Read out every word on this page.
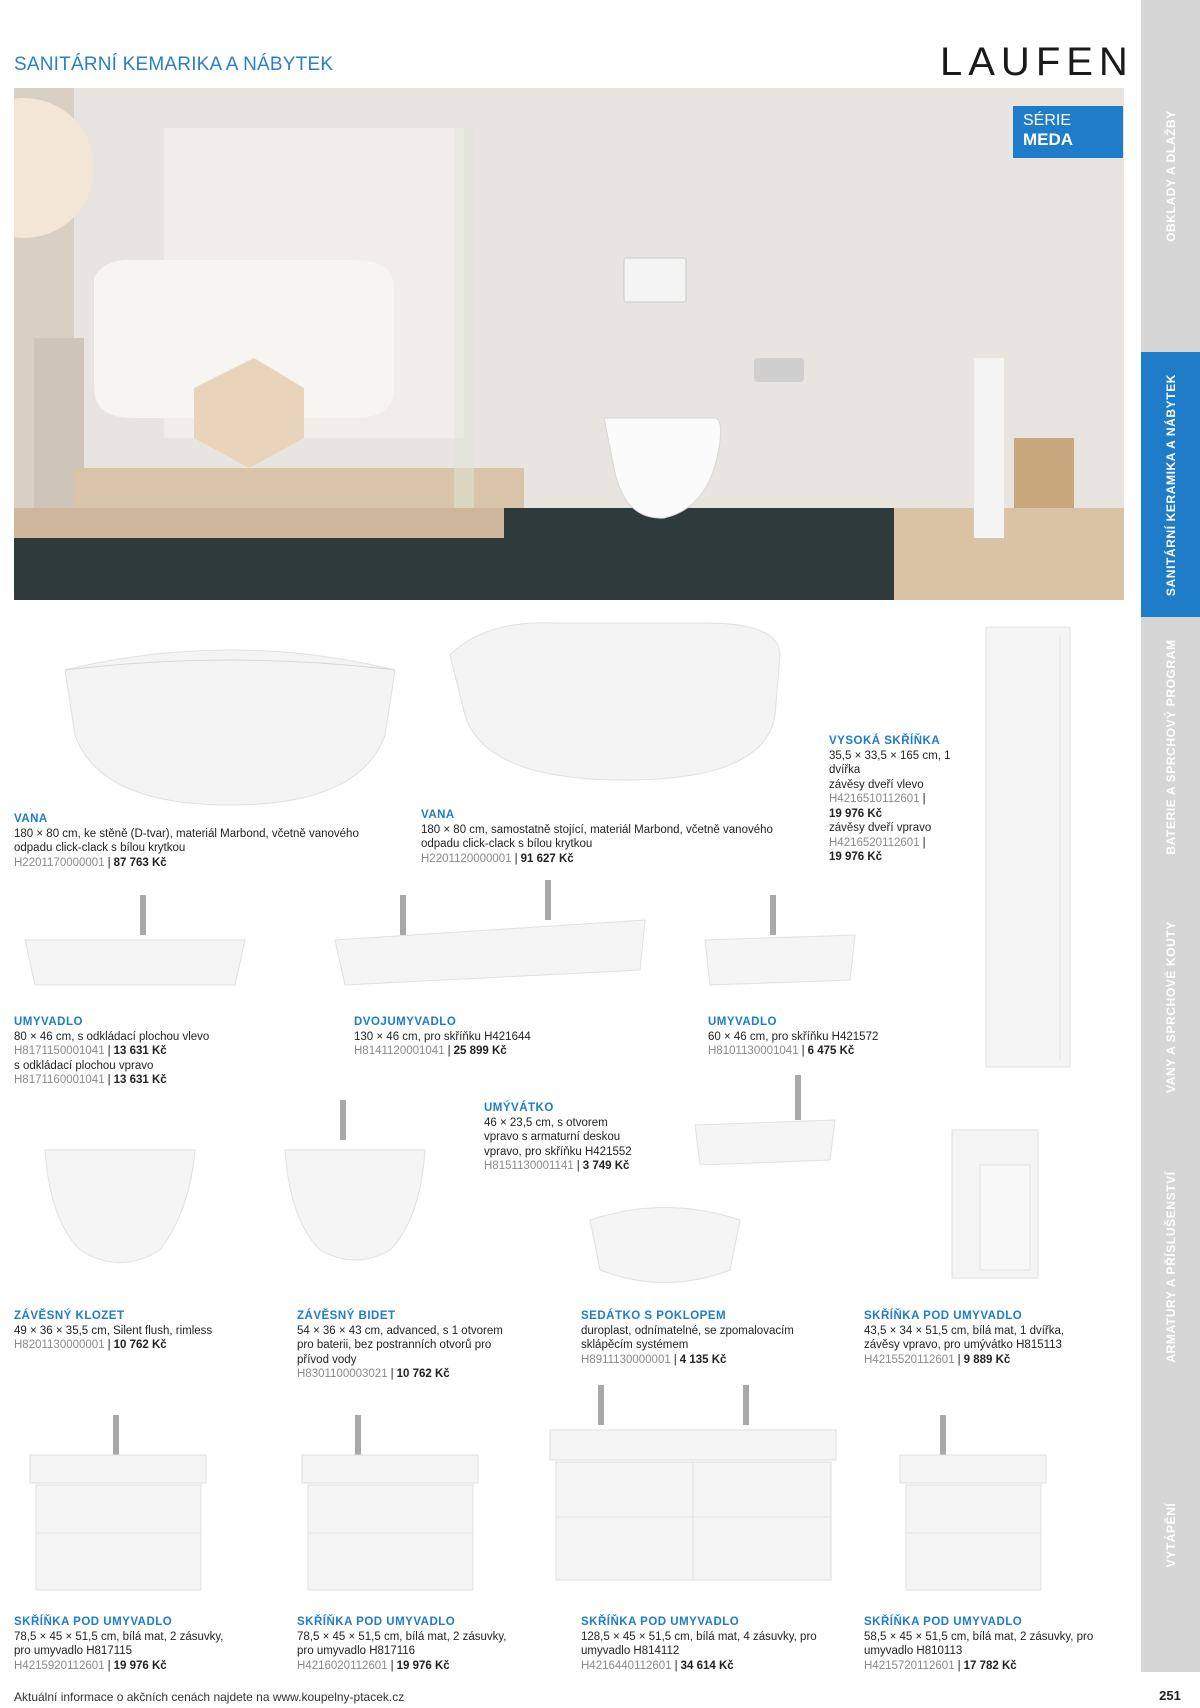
SANITÁRNÍ KEMARIKA A NÁBYTEK	LAUFEN
SÉRIE
MEDA	OBKLADY A DLAŽBY
SANITÁRNÍ KERAMIKA A NÁBYTEK
BATERIE A SPRCHOVÝ PROGRAM
VANY A SPRCHOVÉ KOUTY
ARMATURY A PŘÍSLUŠENSTVÍ
VYTÁPĚNÍ
VANA
180 × 80 cm, ke stěně (D-tvar), materiál Marbond, včetně vanového odpadu click-clack s bílou krytkou
H2201170000001 | 87 763 Kč
VANA
180 × 80 cm, samostatně stojící, materiál Marbond, včetně vanového odpadu click-clack s bílou krytkou
H2201120000001 | 91 627 Kč
VYSOKÁ SKŘÍŇKA
35,5 × 33,5 × 165 cm, 1 dvířka
závěsy dveří vlevo
H4216510112601 |
19 976 Kč
závěsy dveří vpravo
H4216520112601 |
19 976 Kč
UMYVADLO
80 × 46 cm, s odkládací plochou vlevo
H8171150001041 | 13 631 Kč
s odkládací plochou vpravo
H8171160001041 | 13 631 Kč
DVOJUMYVADLO
130 × 46 cm, pro skříňku H421644
H8141120001041 | 25 899 Kč
UMYVADLO
60 × 46 cm, pro skříňku H421572
H8101130001041 | 6 475 Kč
UMÝVÁTKO
46 × 23,5 cm, s otvorem
vpravo s armaturní deskou
vpravo, pro skříňku H421552
H8151130001141 | 3 749 Kč
ZÁVĚSNÝ KLOZET
49 × 36 × 35,5 cm, Silent flush, rimless
H8201130000001 | 10 762 Kč
ZÁVĚSNÝ BIDET
54 × 36 × 43 cm, advanced, s 1 otvorem
pro baterii, bez postranních otvorů pro
přívod vody
H8301100003021 | 10 762 Kč
SEDÁTKO S POKLOPEM
duroplast, odnímatelné, se zpomalovacím
sklápěcím systémem
H8911130000001 | 4 135 Kč
SKŘÍŇKA POD UMYVADLO
43,5 × 34 × 51,5 cm, bílá mat, 1 dvířka,
závěsy vpravo, pro umývátko H815113
H4215520112601 | 9 889 Kč
SKŘÍŇKA POD UMYVADLO
78,5 × 45 × 51,5 cm, bílá mat, 2 zásuvky,
pro umyvadlo H817115
H4215920112601 | 19 976 Kč
SKŘÍŇKA POD UMYVADLO
78,5 × 45 × 51,5 cm, bílá mat, 2 zásuvky,
pro umyvadlo H817116
H4216020112601 | 19 976 Kč
SKŘÍŇKA POD UMYVADLO
128,5 × 45 × 51,5 cm, bílá mat, 4 zásuvky, pro
umyvadlo H814112
H4216440112601 | 34 614 Kč
SKŘÍŇKA POD UMYVADLO
58,5 × 45 × 51,5 cm, bílá mat, 2 zásuvky, pro
umyvadlo H810113
H4215720112601 | 17 782 Kč
Aktuální informace o akčních cenách najdete na www.koupelny-ptacek.cz	251
